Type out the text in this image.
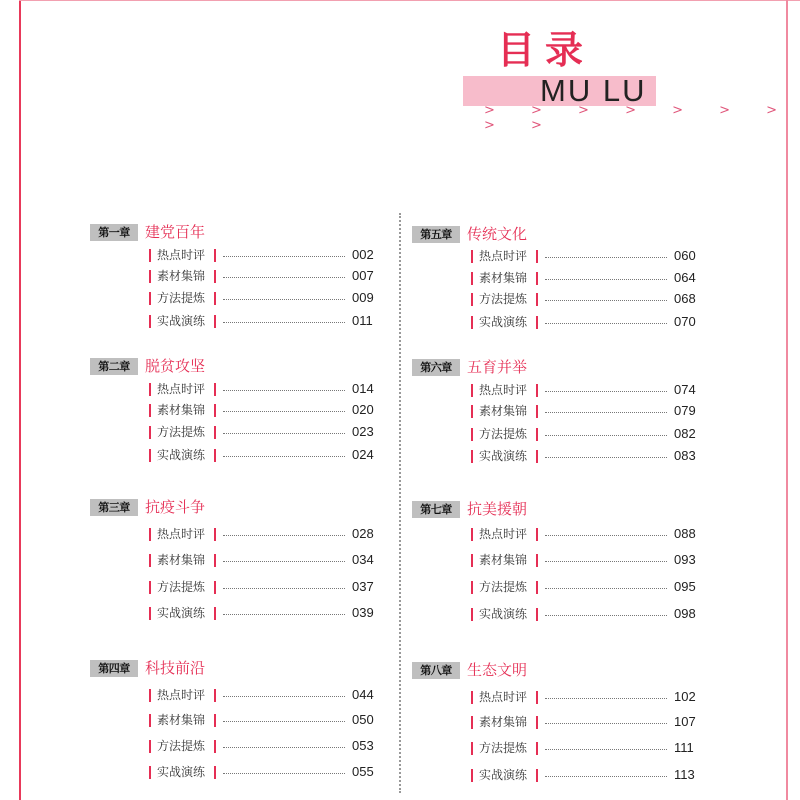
目录
MU LU
> > > > > > > > >
第一章	建党百年
热点时评	002
素材集锦	007
方法提炼	009
实战演练	011
第二章	脱贫攻坚
热点时评	014
素材集锦	020
方法提炼	023
实战演练	024
第三章	抗疫斗争
热点时评	028
素材集锦	034
方法提炼	037
实战演练	039
第四章	科技前沿
热点时评	044
素材集锦	050
方法提炼	053
实战演练	055
第五章	传统文化
热点时评	060
素材集锦	064
方法提炼	068
实战演练	070
第六章	五育并举
热点时评	074
素材集锦	079
方法提炼	082
实战演练	083
第七章	抗美援朝
热点时评	088
素材集锦	093
方法提炼	095
实战演练	098
第八章	生态文明
热点时评	102
素材集锦	107
方法提炼	111
实战演练	113
